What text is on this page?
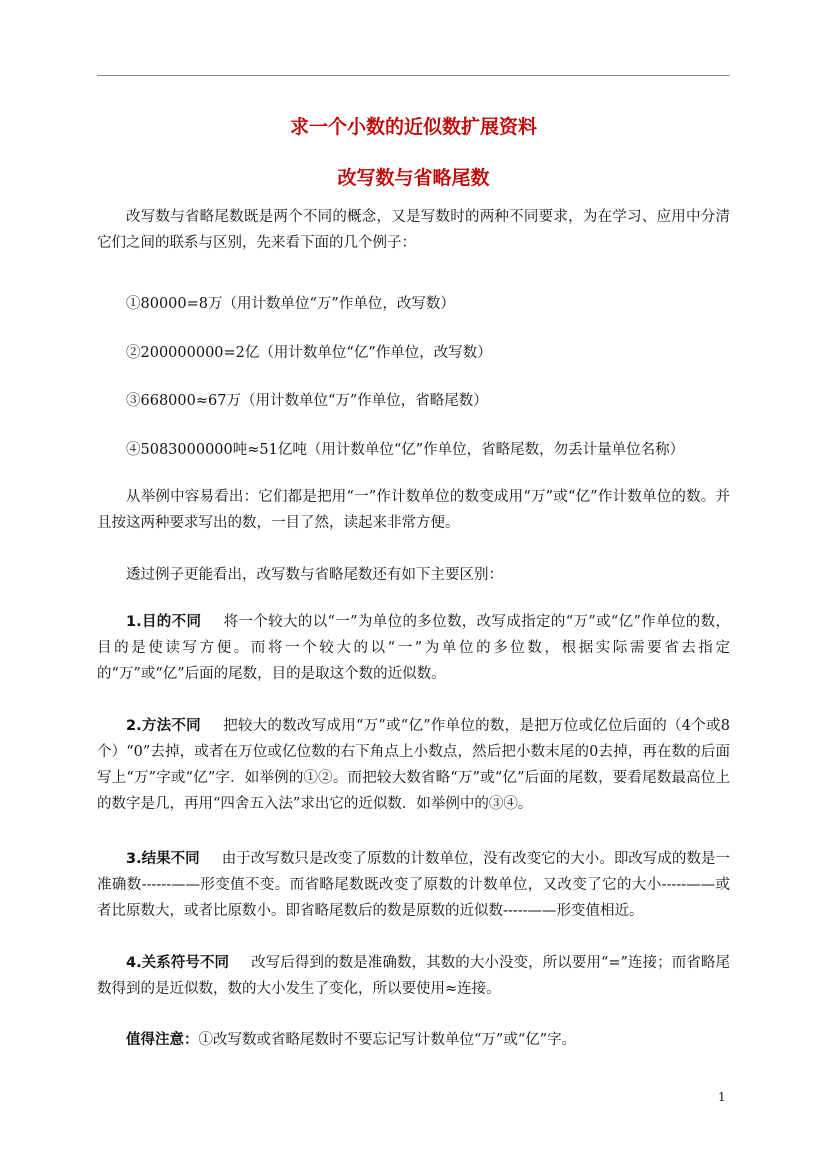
求一个小数的近似数扩展资料
改写数与省略尾数

改写数与省略尾数既是两个不同的概念，又是写数时的两种不同要求，为在学习、应用中分清它们之间的联系与区别，先来看下面的几个例子：

①80000=8万（用计数单位“万”作单位，改写数）

②200000000=2亿（用计数单位“亿”作单位，改写数）

③668000≈67万（用计数单位“万”作单位，省略尾数）

④5083000000吨≈51亿吨（用计数单位“亿”作单位，省略尾数，勿丢计量单位名称）

从举例中容易看出：它们都是把用“一”作计数单位的数变成用“万”或“亿”作计数单位的数。并且按这两种要求写出的数，一目了然，读起来非常方便。

透过例子更能看出，改写数与省略尾数还有如下主要区别：

1.目的不同 将一个较大的以“一”为单位的多位数，改写成指定的“万”或“亿”作单位的数，目的是使读写方便。而将一个较大的以“一”为单位的多位数，根据实际需要省去指定的“万”或“亿”后面的尾数，目的是取这个数的近似数。

2.方法不同 把较大的数改写成用“万”或“亿”作单位的数，是把万位或亿位后面的（4个或8个）“0”去掉，或者在万位或亿位数的右下角点上小数点，然后把小数末尾的0去掉，再在数的后面写上“万”字或“亿”字．如举例的①②。而把较大数省略“万”或“亿”后面的尾数，要看尾数最高位上的数字是几，再用“四舍五入法”求出它的近似数．如举例中的③④。

3.结果不同 由于改写数只是改变了原数的计数单位，没有改变它的大小。即改写成的数是一准确数------——形变值不变。而省略尾数既改变了原数的计数单位，又改变了它的大小-----——或者比原数大，或者比原数小。即省略尾数后的数是原数的近似数-----——形变值相近。

4.关系符号不同 改写后得到的数是准确数，其数的大小没变，所以要用“=”连接；而省略尾数得到的是近似数，数的大小发生了变化，所以要使用≈连接。

值得注意：①改写数或省略尾数时不要忘记写计数单位“万”或“亿”字。

1
